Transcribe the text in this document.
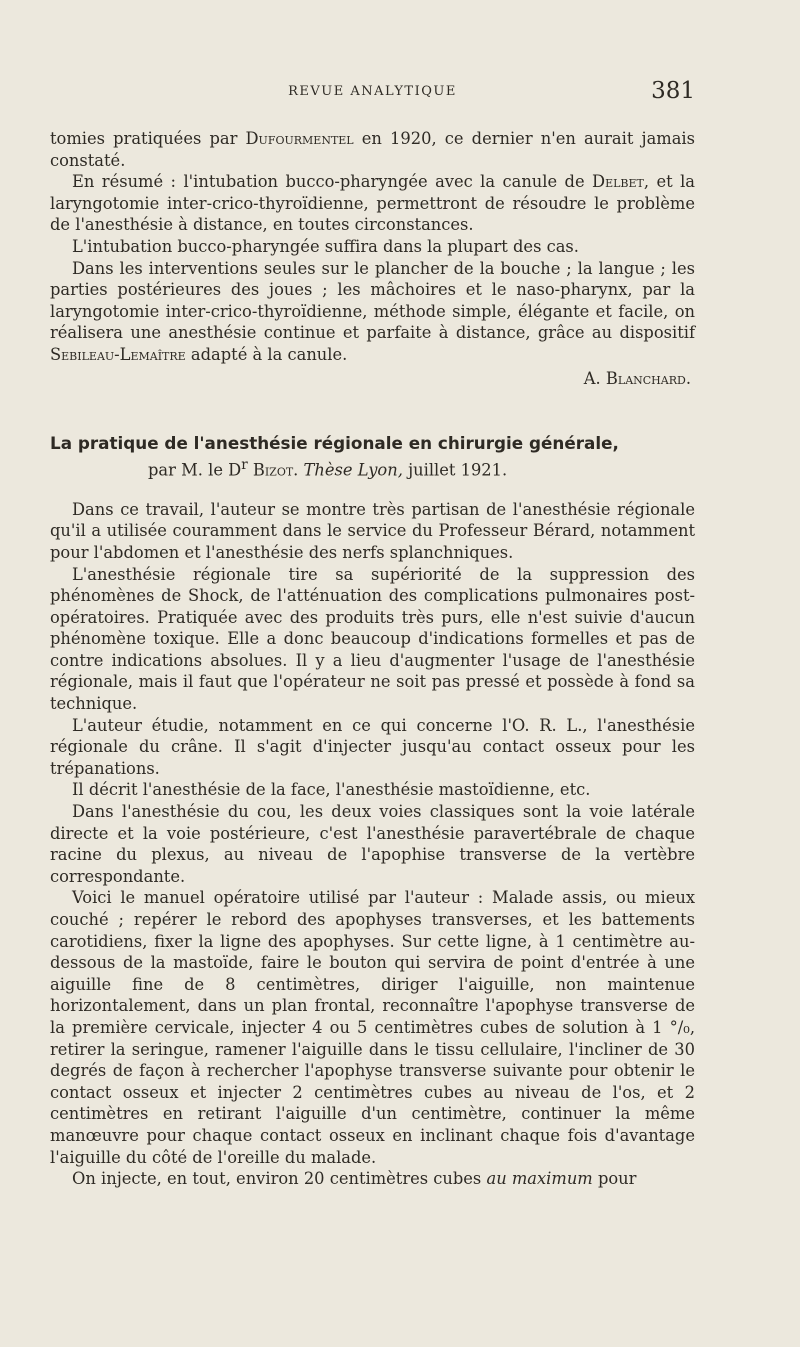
REVUE ANALYTIQUE	381

tomies pratiquées par Dufourmentel en 1920, ce dernier n'en aurait jamais constaté.

En résumé : l'intubation bucco-pharyngée avec la canule de Delbet, et la laryngotomie inter-crico-thyroïdienne, permettront de résoudre le problème de l'anesthésie à distance, en toutes circonstances.

L'intubation bucco-pharyngée suffira dans la plupart des cas.

Dans les interventions seules sur le plancher de la bouche ; la langue ; les parties postérieures des joues ; les mâchoires et le naso-pharynx, par la laryngotomie inter-crico-thyroïdienne, méthode simple, élégante et facile, on réalisera une anesthésie continue et parfaite à distance, grâce au dispositif Sebileau-Lemaître adapté à la canule.

A. Blanchard.

La pratique de l'anesthésie régionale en chirurgie générale,

par M. le $D^r$ Bizot. Thèse Lyon, juillet 1921.

Dans ce travail, l'auteur se montre très partisan de l'anesthésie régionale qu'il a utilisée couramment dans le service du Professeur Bérard, notamment pour l'abdomen et l'anesthésie des nerfs splanchniques.

L'anesthésie régionale tire sa supériorité de la suppression des phénomènes de Shock, de l'atténuation des complications pulmonaires post-opératoires. Pratiquée avec des produits très purs, elle n'est suivie d'aucun phénomène toxique. Elle a donc beaucoup d'indications formelles et pas de contre indications absolues. Il y a lieu d'augmenter l'usage de l'anesthésie régionale, mais il faut que l'opérateur ne soit pas pressé et possède à fond sa technique.

L'auteur étudie, notamment en ce qui concerne l'O. R. L., l'anesthésie régionale du crâne. Il s'agit d'injecter jusqu'au contact osseux pour les trépanations.

Il décrit l'anesthésie de la face, l'anesthésie mastoïdienne, etc.

Dans l'anesthésie du cou, les deux voies classiques sont la voie latérale directe et la voie postérieure, c'est l'anesthésie paravertébrale de chaque racine du plexus, au niveau de l'apophise transverse de la vertèbre correspondante.

Voici le manuel opératoire utilisé par l'auteur : Malade assis, ou mieux couché ; repérer le rebord des apophyses transverses, et les battements carotidiens, fixer la ligne des apophyses. Sur cette ligne, à 1 centimètre au-dessous de la mastoïde, faire le bouton qui servira de point d'entrée à une aiguille fine de 8 centimètres, diriger l'aiguille, non maintenue horizontalement, dans un plan frontal, reconnaître l'apophyse transverse de la première cervicale, injecter 4 ou 5 centimètres cubes de solution à 1 °/₀, retirer la seringue, ramener l'aiguille dans le tissu cellulaire, l'incliner de 30 degrés de façon à rechercher l'apophyse transverse suivante pour obtenir le contact osseux et injecter 2 centimètres cubes au niveau de l'os, et 2 centimètres en retirant l'aiguille d'un centimètre, continuer la même manœuvre pour chaque contact osseux en inclinant chaque fois d'avantage l'aiguille du côté de l'oreille du malade.

On injecte, en tout, environ 20 centimètres cubes au maximum pour
